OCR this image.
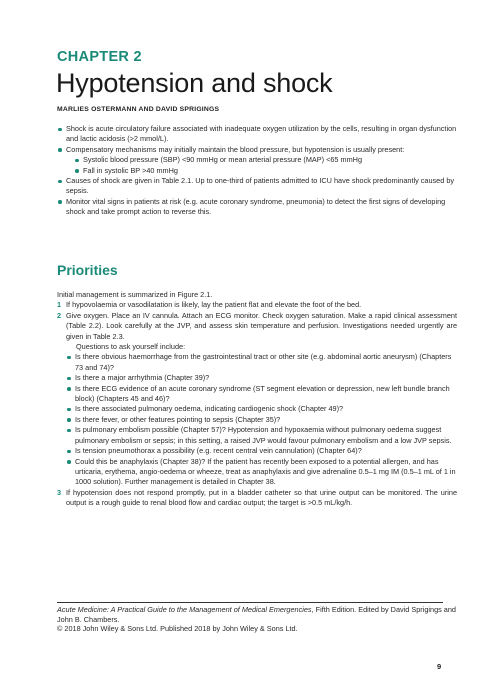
CHAPTER 2
Hypotension and shock
MARLIES OSTERMANN AND DAVID SPRIGINGS
Shock is acute circulatory failure associated with inadequate oxygen utilization by the cells, resulting in organ dysfunction and lactic acidosis (>2 mmol/L).
Compensatory mechanisms may initially maintain the blood pressure, but hypotension is usually present:
Systolic blood pressure (SBP) <90 mmHg or mean arterial pressure (MAP) <65 mmHg
Fall in systolic BP >40 mmHg
Causes of shock are given in Table 2.1. Up to one-third of patients admitted to ICU have shock predominantly caused by sepsis.
Monitor vital signs in patients at risk (e.g. acute coronary syndrome, pneumonia) to detect the first signs of developing shock and take prompt action to reverse this.
Priorities

Initial management is summarized in Figure 2.1.

1 If hypovolaemia or vasodilatation is likely, lay the patient flat and elevate the foot of the bed.
2 Give oxygen. Place an IV cannula. Attach an ECG monitor. Check oxygen saturation. Make a rapid clinical assessment (Table 2.2). Look carefully at the JVP, and assess skin temperature and perfusion. Investigations needed urgently are given in Table 2.3.
Questions to ask yourself include:
Is there obvious haemorrhage from the gastrointestinal tract or other site (e.g. abdominal aortic aneurysm) (Chapters 73 and 74)?
Is there a major arrhythmia (Chapter 39)?
Is there ECG evidence of an acute coronary syndrome (ST segment elevation or depression, new left bundle branch block) (Chapters 45 and 46)?
Is there associated pulmonary oedema, indicating cardiogenic shock (Chapter 49)?
Is there fever, or other features pointing to sepsis (Chapter 35)?
Is pulmonary embolism possible (Chapter 57)? Hypotension and hypoxaemia without pulmonary oedema suggest pulmonary embolism or sepsis; in this setting, a raised JVP would favour pulmonary embolism and a low JVP sepsis.
Is tension pneumothorax a possibility (e.g. recent central vein cannulation) (Chapter 64)?
Could this be anaphylaxis (Chapter 38)? If the patient has recently been exposed to a potential allergen, and has urticaria, erythema, angio-oedema or wheeze, treat as anaphylaxis and give adrenaline 0.5–1 mg IM (0.5–1 mL of 1 in 1000 solution). Further management is detailed in Chapter 38.
3 If hypotension does not respond promptly, put in a bladder catheter so that urine output can be monitored. The urine output is a rough guide to renal blood flow and cardiac output; the target is >0.5 mL/kg/h.
Acute Medicine: A Practical Guide to the Management of Medical Emergencies, Fifth Edition. Edited by David Sprigings and John B. Chambers.
© 2018 John Wiley & Sons Ltd. Published 2018 by John Wiley & Sons Ltd.
9
